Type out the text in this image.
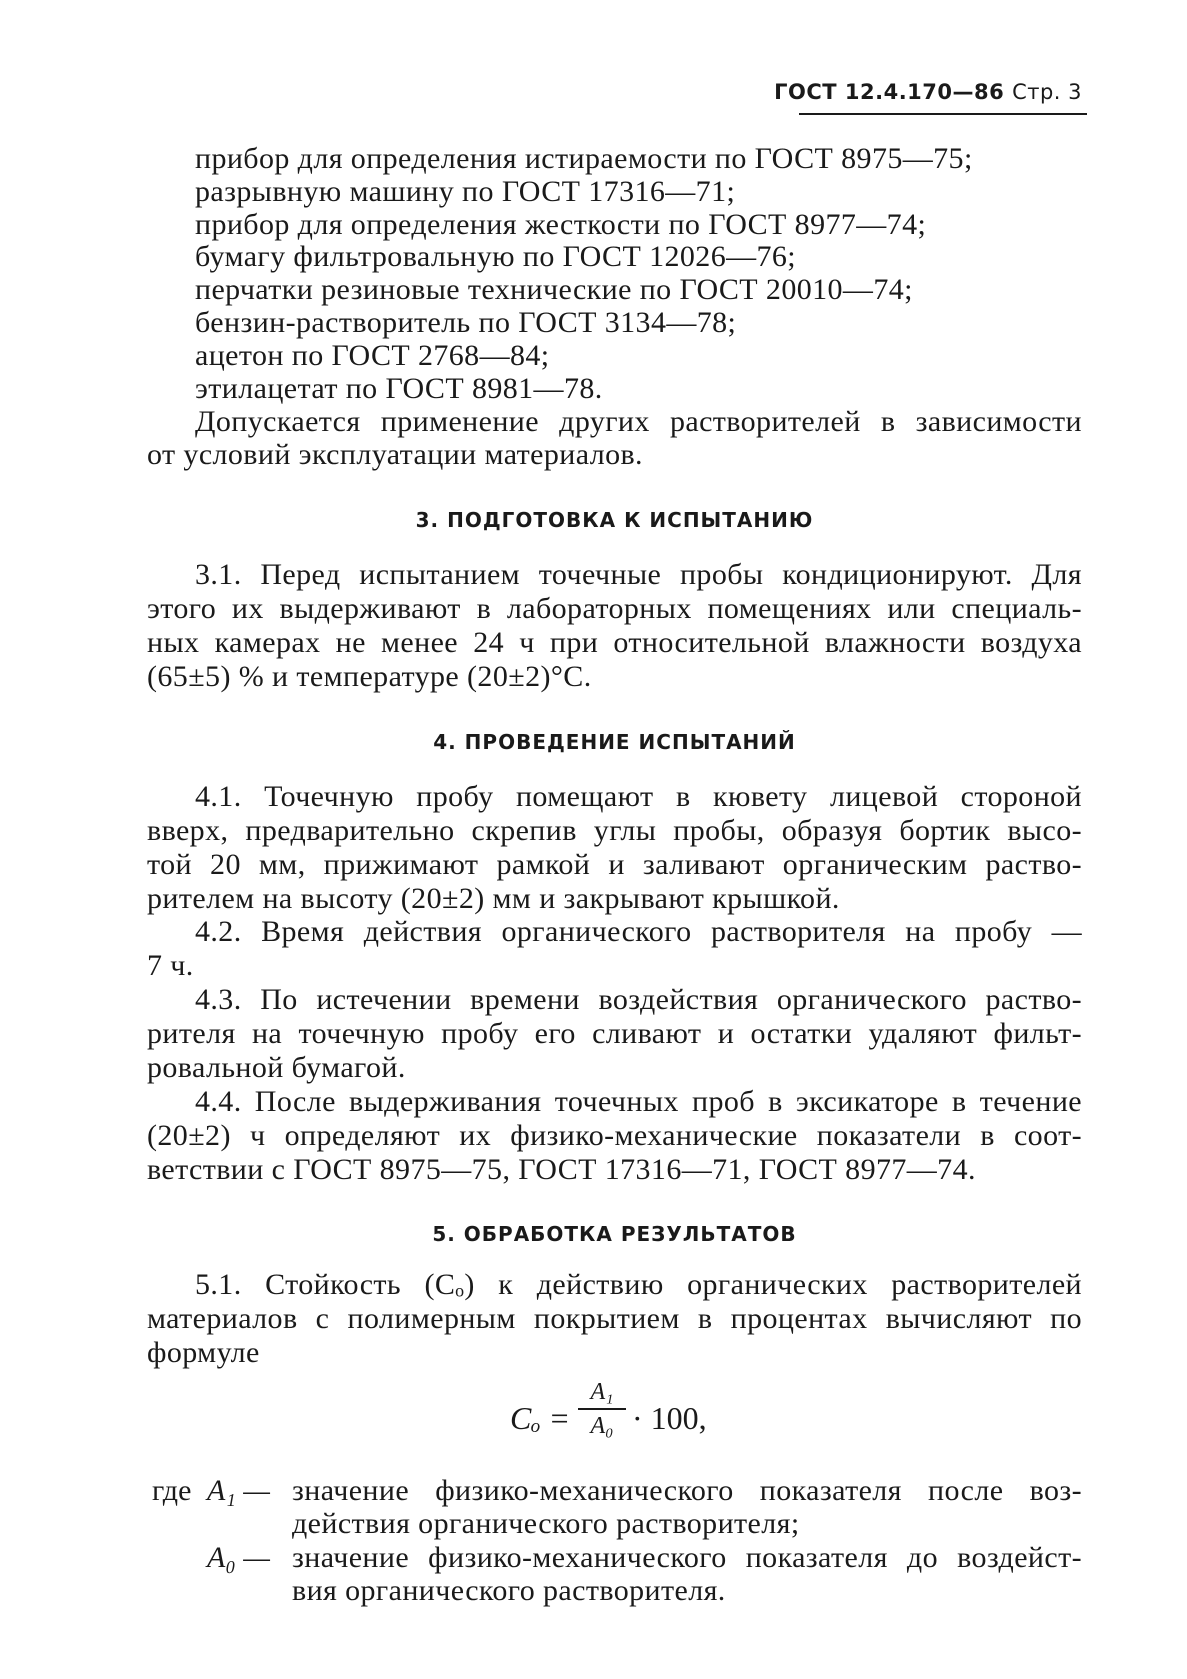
ГОСТ 12.4.170—86 Стр. 3
прибор для определения истираемости по ГОСТ 8975—75;
разрывную машину по ГОСТ 17316—71;
прибор для определения жесткости по ГОСТ 8977—74;
бумагу фильтровальную по ГОСТ 12026—76;
перчатки резиновые технические по ГОСТ 20010—74;
бензин-растворитель по ГОСТ 3134—78;
ацетон по ГОСТ 2768—84;
этилацетат по ГОСТ 8981—78.
Допускается применение других растворителей в зависимости
от условий эксплуатации материалов.
3. ПОДГОТОВКА К ИСПЫТАНИЮ
3.1. Перед испытанием точечные пробы кондиционируют. Для
этого их выдерживают в лабораторных помещениях или специаль-
ных камерах не менее 24 ч при относительной влажности воздуха
(65±5) % и температуре (20±2)°С.
4. ПРОВЕДЕНИЕ ИСПЫТАНИЙ
4.1. Точечную пробу помещают в кювету лицевой стороной
вверх, предварительно скрепив углы пробы, образуя бортик высо-
той 20 мм, прижимают рамкой и заливают органическим раство-
рителем на высоту (20±2) мм и закрывают крышкой.
4.2. Время действия органического растворителя на пробу —
7 ч.
4.3. По истечении времени воздействия органического раство-
рителя на точечную пробу его сливают и остатки удаляют фильт-
ровальной бумагой.
4.4. После выдерживания точечных проб в эксикаторе в течение
(20±2) ч определяют их физико-механические показатели в соот-
ветствии с ГОСТ 8975—75, ГОСТ 17316—71, ГОСТ 8977—74.
5. ОБРАБОТКА РЕЗУЛЬТАТОВ
5.1. Стойкость (Cₒ) к действию органических растворителей
материалов с полимерным покрытием в процентах вычисляют по
формуле
Cₒ =
A₁
A₀ · 100,
где A₁ — значение физико-механического показателя после воз-
действия органического растворителя;
A₀ — значение физико-механического показателя до воздейст-
вия органического растворителя.
